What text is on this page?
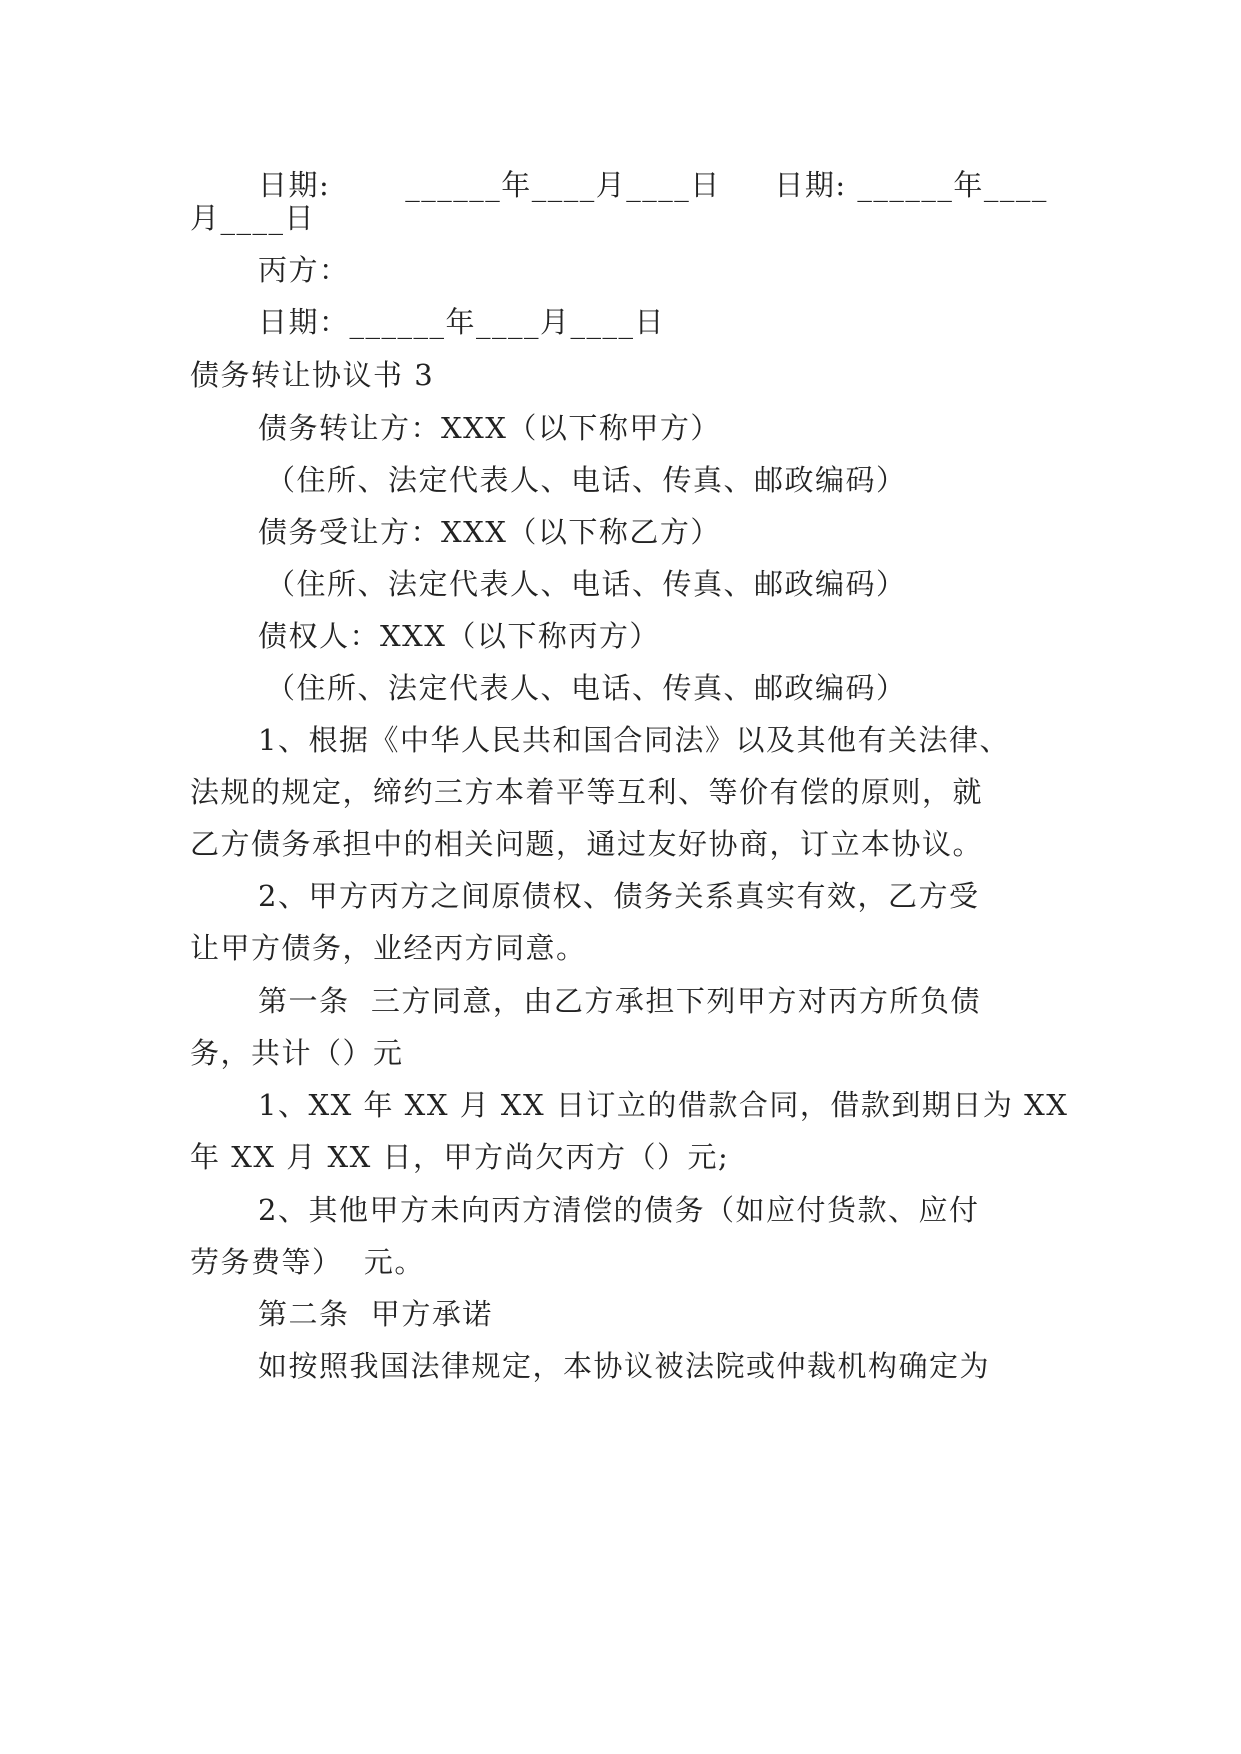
日期:       ______年____月____日     日期: ______年____
月____日
丙方：
日期：______年____月____日
债务转让协议书 3
债务转让方：XXX（以下称甲方）
（住所、法定代表人、电话、传真、邮政编码）
债务受让方：XXX（以下称乙方）
（住所、法定代表人、电话、传真、邮政编码）
债权人：XXX（以下称丙方）
（住所、法定代表人、电话、传真、邮政编码）
1、根据《中华人民共和国合同法》以及其他有关法律、
法规的规定，缔约三方本着平等互利、等价有偿的原则，就
乙方债务承担中的相关问题，通过友好协商，订立本协议。
2、甲方丙方之间原债权、债务关系真实有效，乙方受
让甲方债务，业经丙方同意。
第一条  三方同意，由乙方承担下列甲方对丙方所负债
务，共计（）元
1、XX 年 XX 月 XX 日订立的借款合同，借款到期日为 XX
年 XX 月 XX 日，甲方尚欠丙方（）元;
2、其他甲方未向丙方清偿的债务（如应付货款、应付
劳务费等）  元。
第二条  甲方承诺
如按照我国法律规定，本协议被法院或仲裁机构确定为
